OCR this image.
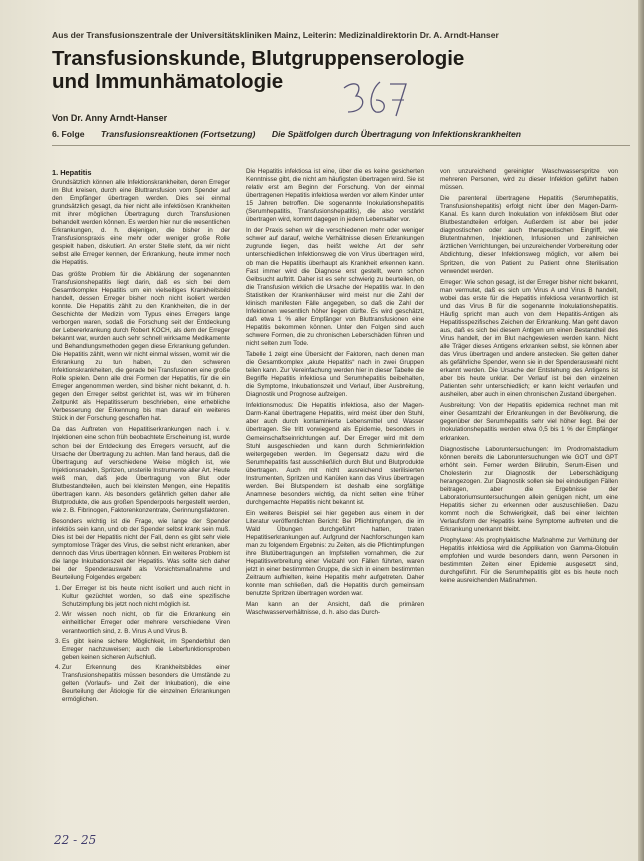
Aus der Transfusionszentrale der Universitätskliniken Mainz, Leiterin: Medizinaldirektorin Dr. A. Arndt-Hanser
Transfusionskunde, Blutgruppenserologie
und Immunhämatologie
Von Dr. Anny Arndt-Hanser
6. Folge Transfusionsreaktionen (Fortsetzung) Die Spätfolgen durch Übertragung von Infektionskrankheiten
1. Hepatitis

Grundsätzlich können alle Infektionskrankheiten, deren Erreger im Blut kreisen, durch eine Bluttransfusion vom Spender auf den Empfänger übertragen werden. Dies sei einmal grundsätzlich gesagt, da hier nicht alle infektiösen Krankheiten mit ihrer möglichen Übertragung durch Transfusionen behandelt werden können. Es werden hier nur die wesentlichen Erkrankungen, d. h. diejenigen, die bisher in der Transfusionspraxis eine mehr oder weniger große Rolle gespielt haben, diskutiert. An erster Stelle steht, da wir nicht selbst alle Erreger kennen, der Erkrankung, heute immer noch die Hepatitis.

Das größte Problem für die Abklärung der sogenannten Transfusionshepatitis liegt darin, daß es sich bei dem Gesamtkomplex Hepatitis um ein vielseitiges Krankheitsbild handelt, dessen Erreger bisher noch nicht isoliert werden konnte. Die Hepatitis zählt zu den Krankheiten, die in der Geschichte der Medizin vom Typus eines Erregers lange verborgen waren, sodaß die Forschung seit der Entdeckung der Lebererkrankung durch Robert KOCH, als dem der Erreger bekannt war, wurden auch sehr schnell wirksame Medikamente und Behandlungsmethoden gegen diese Erkrankung gefunden. Die Hepatitis zählt, wenn wir nicht einmal wissen, womit wir die Erkrankung zu tun haben, zu den schweren Infektionskrankheiten, die gerade bei Transfusionen eine große Rolle spielen. Denn alle drei Formen der Hepatitis, für die ein Erreger angenommen werden, sind bisher nicht bekannt, d. h. gegen den Erreger selbst gerichtet ist, was wir im früheren Zeitpunkt als Hepatitisserum beschrieben, eine erhebliche Verbesserung der Erkennung bis man darauf ein weiteres Stück in der Forschung geschaffen hat.

Da das Auftreten von Hepatitiserkrankungen nach i. v. Injektionen eine schon früh beobachtete Erscheinung ist, wurde schon bei der Entdeckung des Erregers versucht, auf die Ursache der Übertragung zu achten. Man fand heraus, daß die Übertragung auf verschiedene Weise möglich ist, wie Injektionsnadeln, Spritzen, unsterile Instrumente aller Art. Heute weiß man, daß jede Übertragung von Blut oder Blutbestandteilen, auch bei kleinsten Mengen, eine Hepatitis übertragen kann. Als besonders gefährlich gelten daher alle Blutprodukte, die aus großen Spenderpools hergestellt werden, wie z. B. Fibrinogen, Faktorenkonzentrate, Gerinnungsfaktoren.

Besonders wichtig ist die Frage, wie lange der Spender infektiös sein kann, und ob der Spender selbst krank sein muß. Dies ist bei der Hepatitis nicht der Fall, denn es gibt sehr viele symptomlose Träger des Virus, die selbst nicht erkranken, aber dennoch das Virus übertragen können. Ein weiteres Problem ist die lange Inkubationszeit der Hepatitis. Was sollte sich daher bei der Spenderauswahl als Vorsichtsmaßnahme und Beurteilung Folgendes ergeben:

1. Der Erreger ist bis heute nicht isoliert und auch nicht in Kultur gezüchtet worden, so daß eine spezifische Schutzimpfung bis jetzt noch nicht möglich ist.
2. Wir wissen noch nicht, ob für die Erkrankung ein einheitlicher Erreger oder mehrere verschiedene Viren verantwortlich sind, z. B. Virus A und Virus B.
3. Es gibt keine sichere Möglichkeit, im Spenderblut den Erreger nachzuweisen; auch die Leberfunktionsproben geben keinen sicheren Aufschluß.
4. Zur Erkennung des Krankheitsbildes einer Transfusionshepatitis müssen besonders die Umstände zu gelten (Vorlaufs- und Zeit der Inkubation), die eine Beurteilung der Ätiologie für die einzelnen Erkrankungen ermöglichen.

Die Hepatitis infektiosa ist eine, über die es keine gesicherten Kenntnisse gibt, die nicht am häufigsten übertragen wird. Sie ist relativ erst am Beginn der Forschung. Von der einmal übertragenen Hepatitis infektiosa werden vor allem Kinder unter 15 Jahren betroffen. Die sogenannte Inokulationshepatitis (Serumhepatitis, Transfusionshepatitis), die also verstärkt übertragen wird, kommt dagegen in jedem Lebensalter vor.

In der Praxis sehen wir die verschiedenen mehr oder weniger schwer auf darauf, welche Verhältnisse diesen Erkrankungen zugrunde liegen, das heißt welche Art der sehr unterschiedlichen Infektionsweg die von Virus übertragen wird, ob man die Hepatitis überhaupt als Krankheit erkennen kann. Fast immer wird die Diagnose erst gestellt, wenn schon Gelbsucht auftritt. Daher ist es sehr schwierig zu beurteilen, ob die Transfusion wirklich die Ursache der Hepatitis war. In den Statistiken der Krankenhäuser wird meist nur die Zahl der klinisch manifesten Fälle angegeben, so daß die Zahl der Infektionen wesentlich höher liegen dürfte. Es wird geschätzt, daß etwa 1 % aller Empfänger von Bluttransfusionen eine Hepatitis bekommen können. Unter den Folgen sind auch schwere Formen, die zu chronischen Leberschäden führen und nicht selten zum Tode.

Tabelle 1 zeigt eine Übersicht der Faktoren, nach denen man die Gesamtkomplex „akute Hepatitis“ nach in zwei Gruppen teilen kann. Zur Vereinfachung werden hier in dieser Tabelle die Begriffe Hepatitis infektiosa und Serumhepatitis beibehalten, die Symptome, Inkubationszeit und Verlauf, über Ausbreitung, Diagnostik und Prognose aufzeigen.

Infektionsmodus: Die Hepatitis infektiosa, also der Magen-Darm-Kanal übertragene Hepatitis, wird meist über den Stuhl, aber auch durch kontaminierte Lebensmittel und Wasser übertragen. Sie tritt vorwiegend als Epidemie, besonders in Gemeinschaftseinrichtungen auf. Der Erreger wird mit dem Stuhl ausgeschieden und kann durch Schmierinfektion weitergegeben werden. Im Gegensatz dazu wird die Serumhepatitis fast ausschließlich durch Blut und Blutprodukte übertragen. Auch mit nicht ausreichend sterilisierten Instrumenten, Spritzen und Kanülen kann das Virus übertragen werden. Bei Blutspendern ist deshalb eine sorgfältige Anamnese besonders wichtig, da nicht selten eine früher durchgemachte Hepatitis nicht bekannt ist.

Ein weiteres Beispiel sei hier gegeben aus einem in der Literatur veröffentlichten Bericht: Bei Pflichtimpfungen, die im Wald Übungen durchgeführt hatten, traten Hepatitiserkrankungen auf. Aufgrund der Nachforschungen kam man zu folgendem Ergebnis: zu Zeiten, als die Pflichtimpfungen ihre Blutübertragungen an Impfstellen vornahmen, die zur Hepatitisverbreitung einer Vielzahl von Fällen führten, waren jetzt in einer bestimmten Gruppe, die sich in einem bestimmten Zeitraum aufhielten, keine Hepatitis mehr aufgetreten. Daher konnte man schließen, daß die Hepatitis durch gemeinsam benutzte Spritzen übertragen worden war.

Man kann an der Ansicht, daß die primären Waschwasserverhältnisse, d. h. also das Durch-

von unzureichend gereinigter Waschwasserspritze von mehreren Personen, wird zu dieser Infektion geführt haben müssen.

Die parenteral übertragene Hepatitis (Serumhepatitis, Transfusionshepatitis) erfolgt nicht über den Magen-Darm-Kanal. Es kann durch Inokulation von infektiösem Blut oder Blutbestandteilen erfolgen. Außerdem ist aber bei jeder diagnostischen oder auch therapeutischen Eingriff, wie Blutentnahmen, Injektionen, Infusionen und zahlreichen ärztlichen Verrichtungen, bei unzureichender Vorbereitung oder Abdichtung, dieser Infektionsweg möglich, vor allem bei Spritzen, die von Patient zu Patient ohne Sterilisation verwendet werden.

Erreger: Wie schon gesagt, ist der Erreger bisher nicht bekannt, man vermutet, daß es sich um Virus A und Virus B handelt, wobei das erste für die Hepatitis infektiosa verantwortlich ist und das Virus B für die sogenannte Inokulationshepatitis. Häufig spricht man auch von dem Hepatitis-Antigen als Hepatitisspezifisches Zeichen der Erkrankung. Man geht davon aus, daß es sich bei diesem Antigen um einen Bestandteil des Virus handelt, der im Blut nachgewiesen werden kann. Nicht alle Träger dieses Antigens erkranken selbst, sie können aber das Virus übertragen und andere anstecken. Sie gelten daher als gefährliche Spender, wenn sie in der Spenderauswahl nicht erkannt werden. Die Ursache der Entstehung des Antigens ist aber bis heute unklar. Der Verlauf ist bei den einzelnen Patienten sehr unterschiedlich; er kann leicht verlaufen und ausheilen, aber auch in einen chronischen Zustand übergehen.

Ausbreitung: Von der Hepatitis epidemica rechnet man mit einer Gesamtzahl der Erkrankungen in der Bevölkerung, die gegenüber der Serumhepatitis sehr viel höher liegt. Bei der Inokulationshepatitis werden etwa 0,5 bis 1 % der Empfänger erkranken.

Diagnostische Laboruntersuchungen: Im Prodromalstadium können bereits die Laboruntersuchungen wie GOT und GPT erhöht sein. Ferner werden Bilirubin, Serum-Eisen und Cholesterin zur Diagnostik der Leberschädigung herangezogen. Zur Diagnostik sollen sie bei eindeutigen Fällen beitragen, aber die Ergebnisse der Laboratoriumsuntersuchungen allein genügen nicht, um eine Hepatitis sicher zu erkennen oder auszuschließen. Dazu kommt noch die Schwierigkeit, daß bei einer leichten Verlaufsform der Hepatitis keine Symptome auftreten und die Erkrankung unerkannt bleibt.

Prophylaxe: Als prophylaktische Maßnahme zur Verhütung der Hepatitis infektiosa wird die Applikation von Gamma-Globulin empfohlen und wurde besonders dann, wenn Personen in bestimmten Zeiten einer Epidemie ausgesetzt sind, durchgeführt. Für die Serumhepatitis gibt es bis heute noch keine ausreichenden Maßnahmen.

22 - 25
